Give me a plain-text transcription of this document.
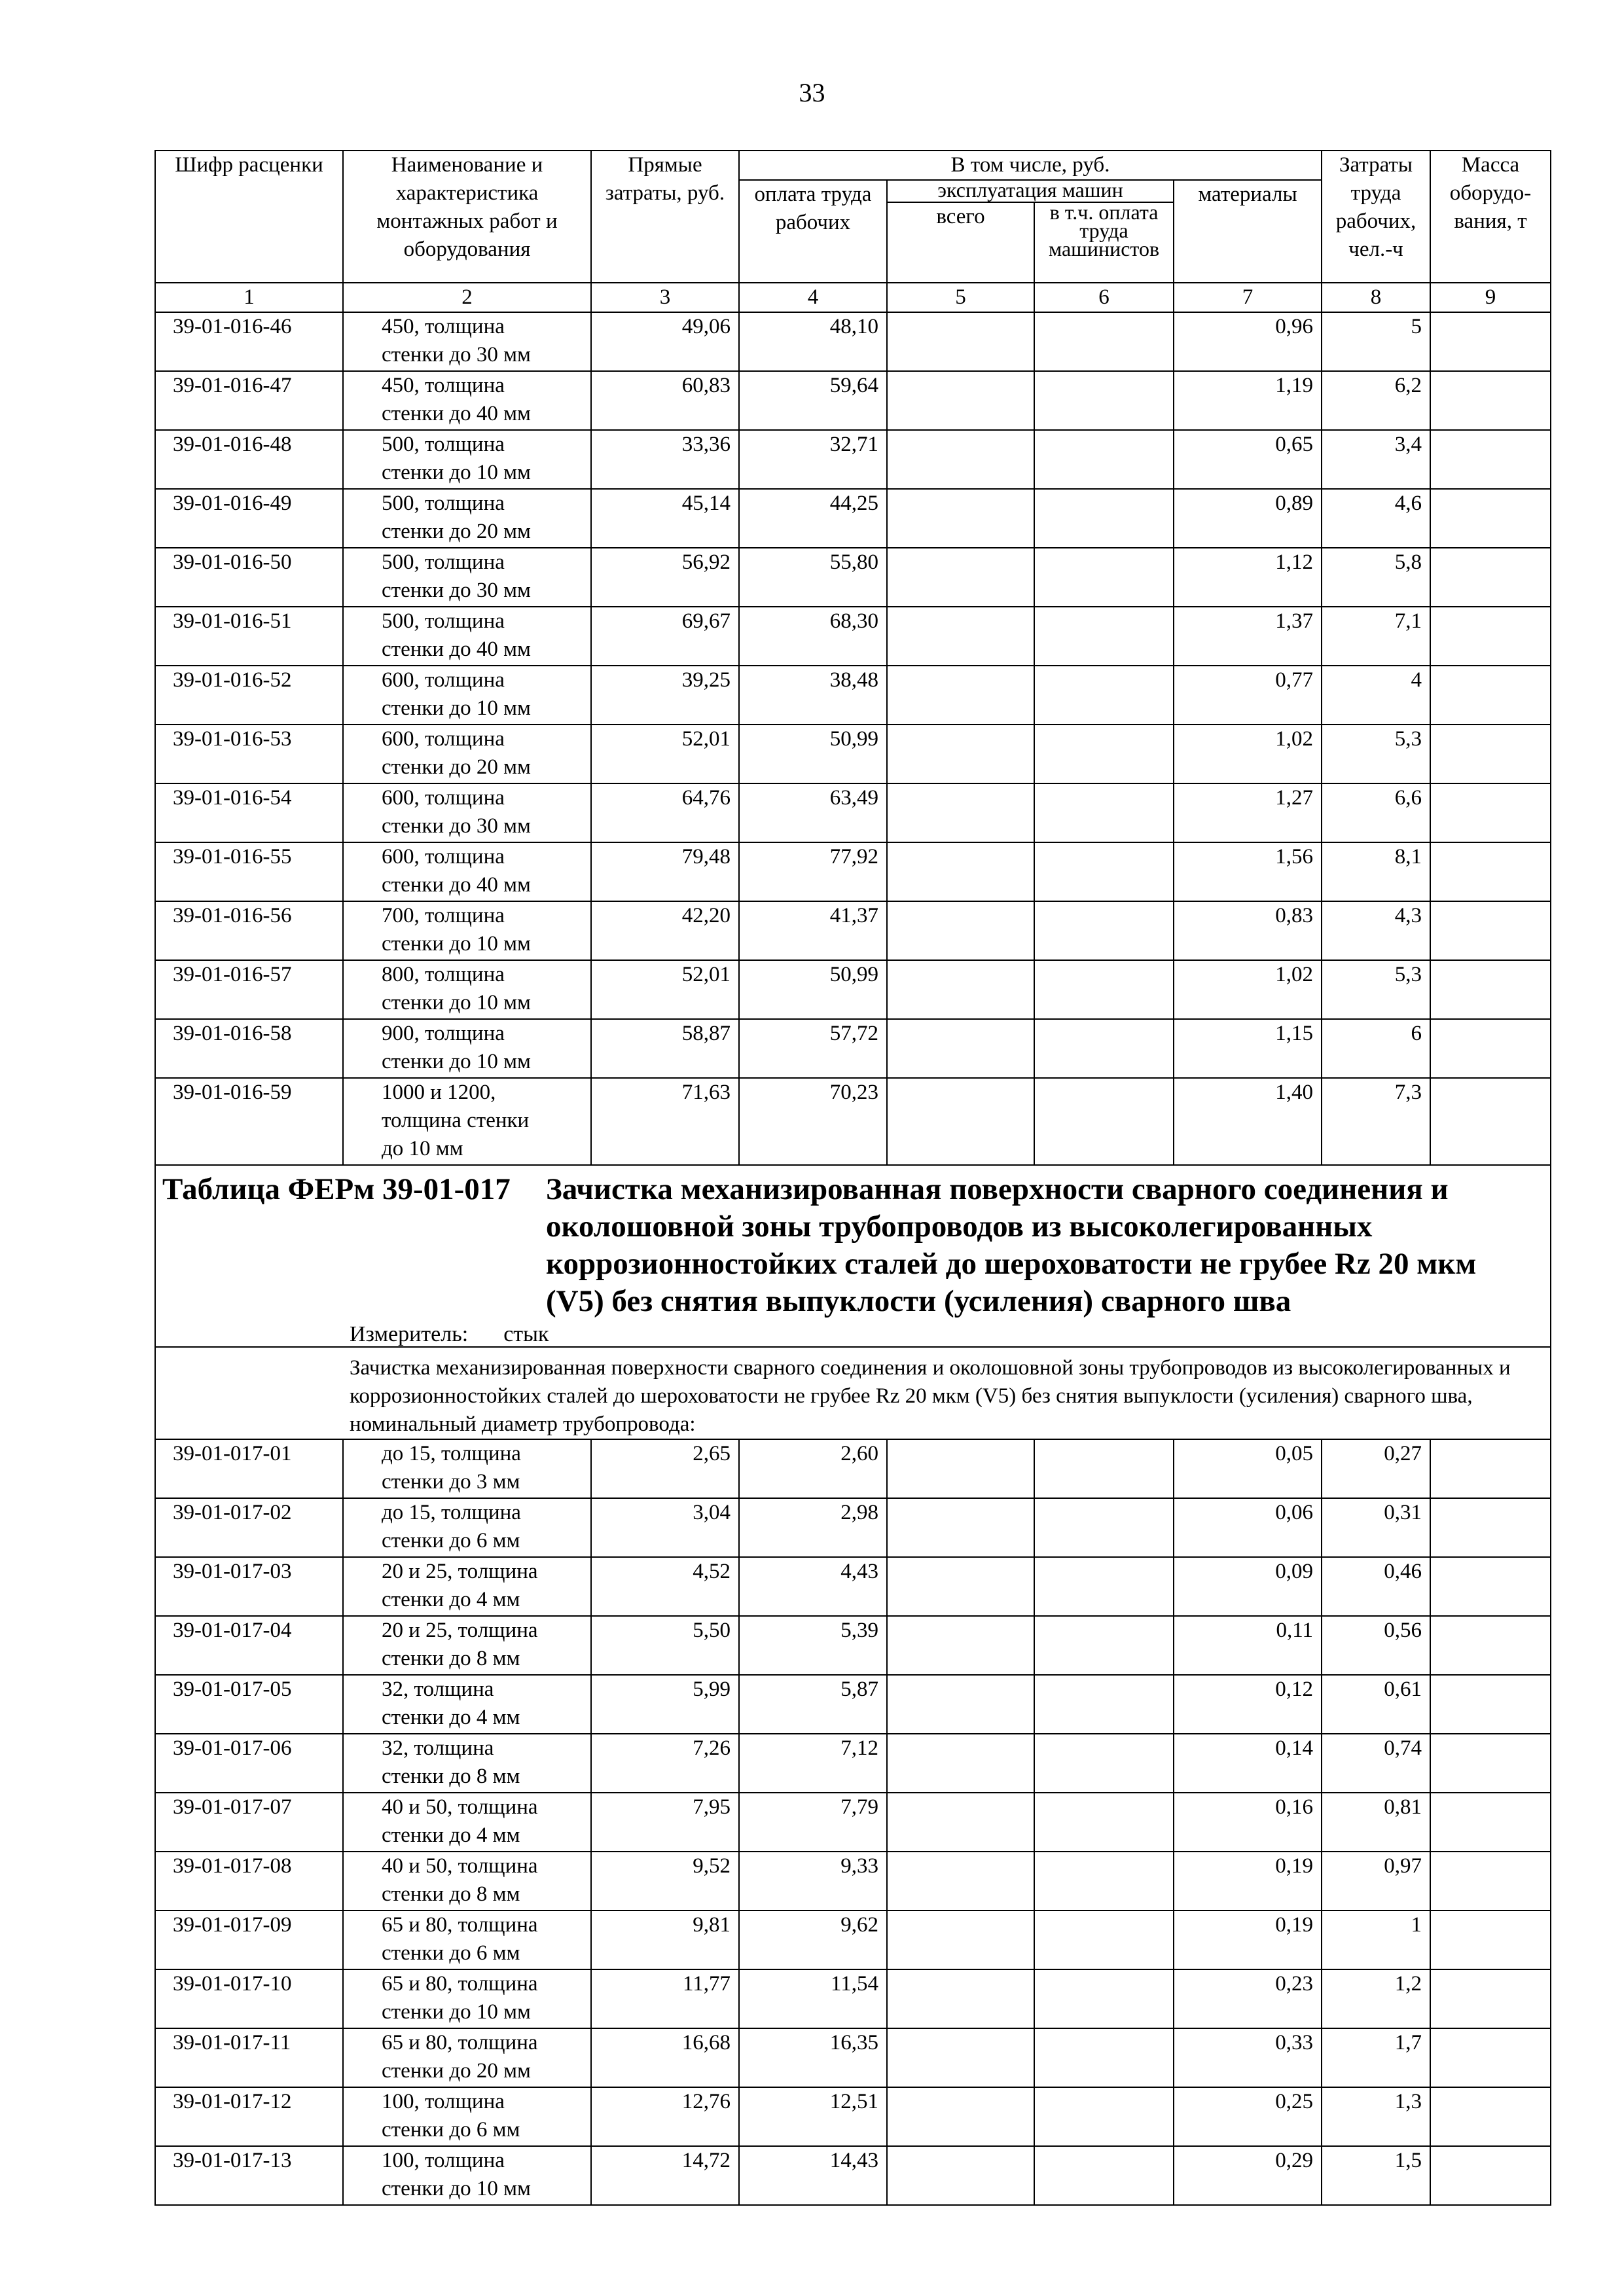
33
Шифр расценки	Наименование и характеристика монтажных работ и оборудования	Прямые затраты, руб.	В том числе, руб.				Затраты труда рабочих, чел.-ч	Масса оборудо-вания, т
			оплата труда рабочих	эксплуатация машин		материалы		
				всего	в т.ч. оплата труда машинистов			
1	2	3	4	5	6	7	8	9
39-01-016-46	450, толщина
стенки до 30 мм	49,06	48,10			0,96	5	
39-01-016-47	450, толщина
стенки до 40 мм	60,83	59,64			1,19	6,2	
39-01-016-48	500, толщина
стенки до 10 мм	33,36	32,71			0,65	3,4	
39-01-016-49	500, толщина
стенки до 20 мм	45,14	44,25			0,89	4,6	
39-01-016-50	500, толщина
стенки до 30 мм	56,92	55,80			1,12	5,8	
39-01-016-51	500, толщина
стенки до 40 мм	69,67	68,30			1,37	7,1	
39-01-016-52	600, толщина
стенки до 10 мм	39,25	38,48			0,77	4	
39-01-016-53	600, толщина
стенки до 20 мм	52,01	50,99			1,02	5,3	
39-01-016-54	600, толщина
стенки до 30 мм	64,76	63,49			1,27	6,6	
39-01-016-55	600, толщина
стенки до 40 мм	79,48	77,92			1,56	8,1	
39-01-016-56	700, толщина
стенки до 10 мм	42,20	41,37			0,83	4,3	
39-01-016-57	800, толщина
стенки до 10 мм	52,01	50,99			1,02	5,3	
39-01-016-58	900, толщина
стенки до 10 мм	58,87	57,72			1,15	6	
39-01-016-59	1000 и 1200,
толщина стенки
до 10 мм	71,63	70,23			1,40	7,3	

Таблица ФЕРм 39-01-017 Зачистка механизированная поверхности сварного соединения и околошовной зоны трубопроводов из высоколегированных коррозионностойких сталей до шероховатости не грубее Rz 20 мкм (V5) без снятия выпуклости (усиления) сварного шва
Измеритель: стык								

Зачистка механизированная поверхности сварного соединения и околошовной зоны трубопроводов из высоколегированных и коррозионностойких сталей до шероховатости не грубее Rz 20 мкм (V5) без снятия выпуклости (усиления) сварного шва, номинальный диаметр трубопровода:								
39-01-017-01	до 15, толщина
стенки до 3 мм	2,65	2,60			0,05	0,27	
39-01-017-02	до 15, толщина
стенки до 6 мм	3,04	2,98			0,06	0,31	
39-01-017-03	20 и 25, толщина
стенки до 4 мм	4,52	4,43			0,09	0,46	
39-01-017-04	20 и 25, толщина
стенки до 8 мм	5,50	5,39			0,11	0,56	
39-01-017-05	32, толщина
стенки до 4 мм	5,99	5,87			0,12	0,61	
39-01-017-06	32, толщина
стенки до 8 мм	7,26	7,12			0,14	0,74	
39-01-017-07	40 и 50, толщина
стенки до 4 мм	7,95	7,79			0,16	0,81	
39-01-017-08	40 и 50, толщина
стенки до 8 мм	9,52	9,33			0,19	0,97	
39-01-017-09	65 и 80, толщина
стенки до 6 мм	9,81	9,62			0,19	1	
39-01-017-10	65 и 80, толщина
стенки до 10 мм	11,77	11,54			0,23	1,2	
39-01-017-11	65 и 80, толщина
стенки до 20 мм	16,68	16,35			0,33	1,7	
39-01-017-12	100, толщина
стенки до 6 мм	12,76	12,51			0,25	1,3	
39-01-017-13	100, толщина
стенки до 10 мм	14,72	14,43			0,29	1,5	
